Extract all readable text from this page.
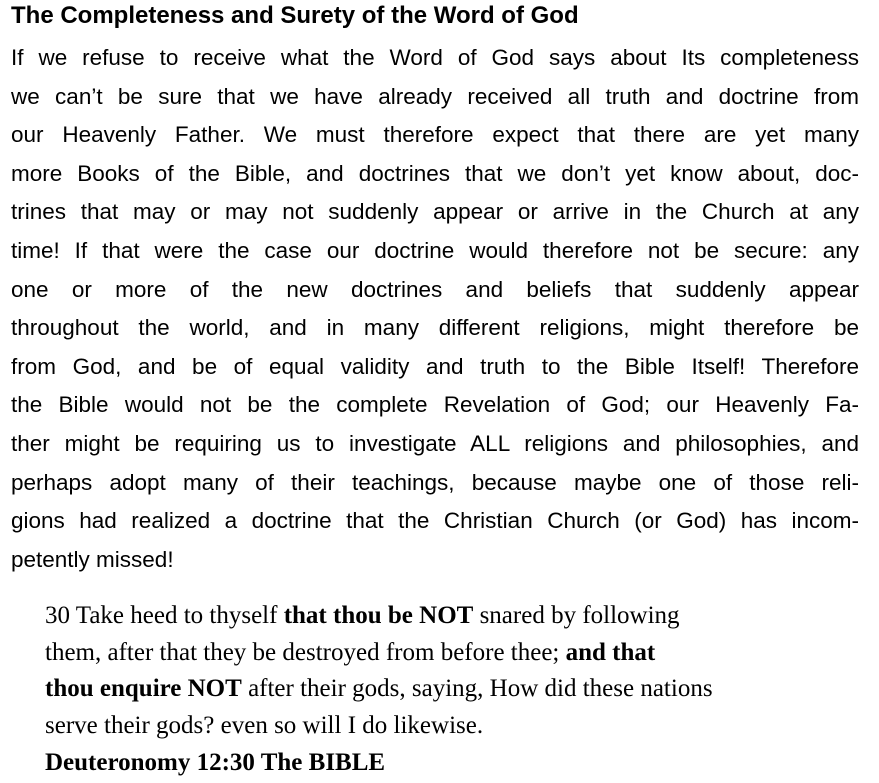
The Completeness and Surety of the Word of God
If we refuse to receive what the Word of God says about Its completeness
we can’t be sure that we have already received all truth and doctrine from
our Heavenly Father. We must therefore expect that there are yet many
more Books of the Bible, and doctrines that we don’t yet know about, doc-
trines that may or may not suddenly appear or arrive in the Church at any
time! If that were the case our doctrine would therefore not be secure: any
one or more of the new doctrines and beliefs that suddenly appear
throughout the world, and in many different religions, might therefore be
from God, and be of equal validity and truth to the Bible Itself! Therefore
the Bible would not be the complete Revelation of God; our Heavenly Fa-
ther might be requiring us to investigate ALL religions and philosophies, and
perhaps adopt many of their teachings, because maybe one of those reli-
gions had realized a doctrine that the Christian Church (or God) has incom-
petently missed!
30 Take heed to thyself that thou be NOT snared by following
them, after that they be destroyed from before thee; and that
thou enquire NOT after their gods, saying, How did these nations
serve their gods? even so will I do likewise.
Deuteronomy 12:30 The BIBLE
